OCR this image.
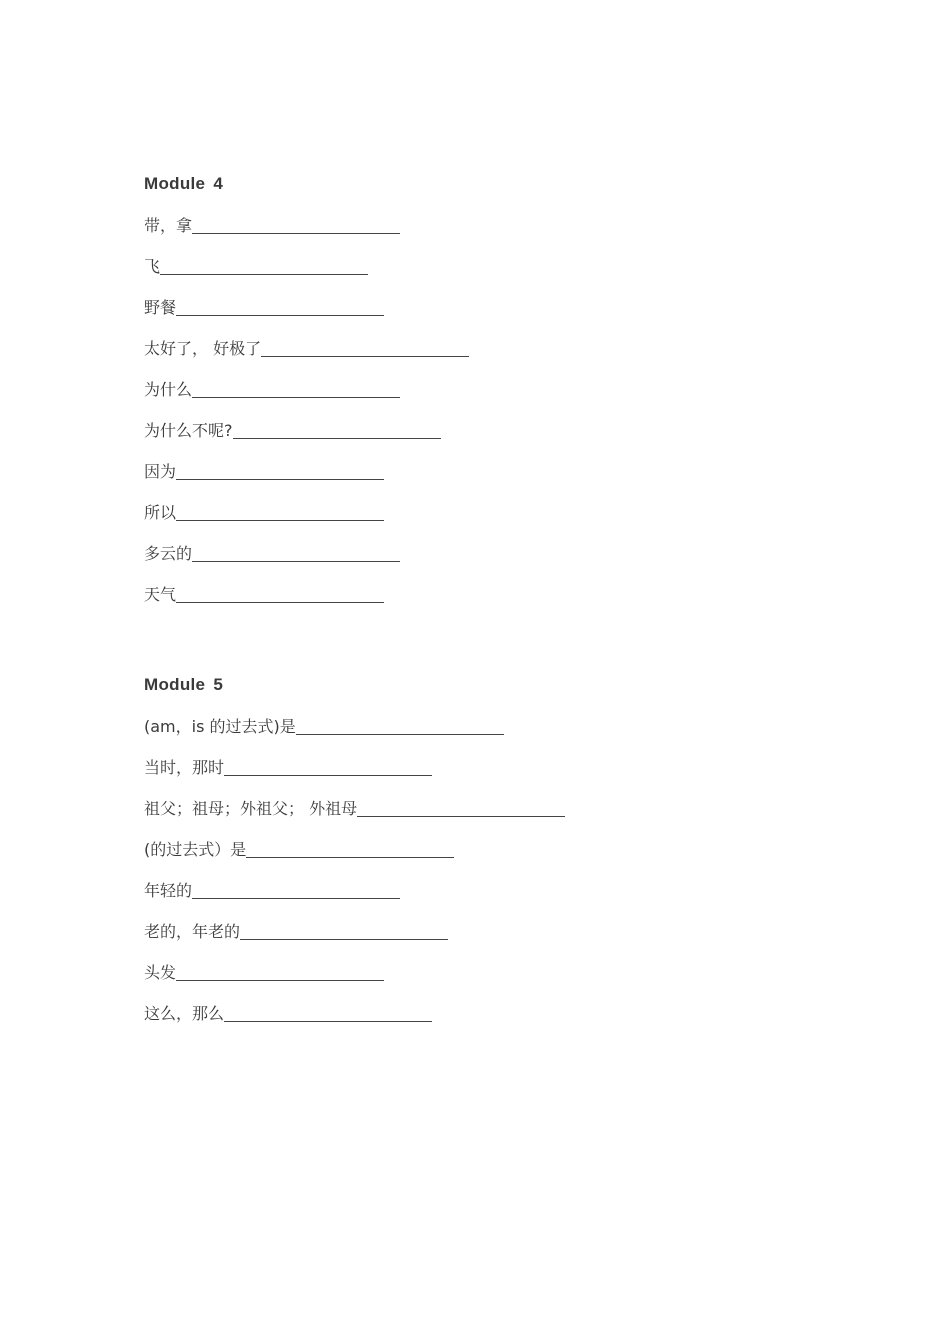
Module 4
带，拿
飞
野餐
太好了， 好极了
为什么
为什么不呢?
因为
所以
多云的
天气
Module 5
(am，is 的过去式)是
当时，那时
祖父；祖母；外祖父； 外祖母
(的过去式）是
年轻的
老的，年老的
头发
这么，那么
